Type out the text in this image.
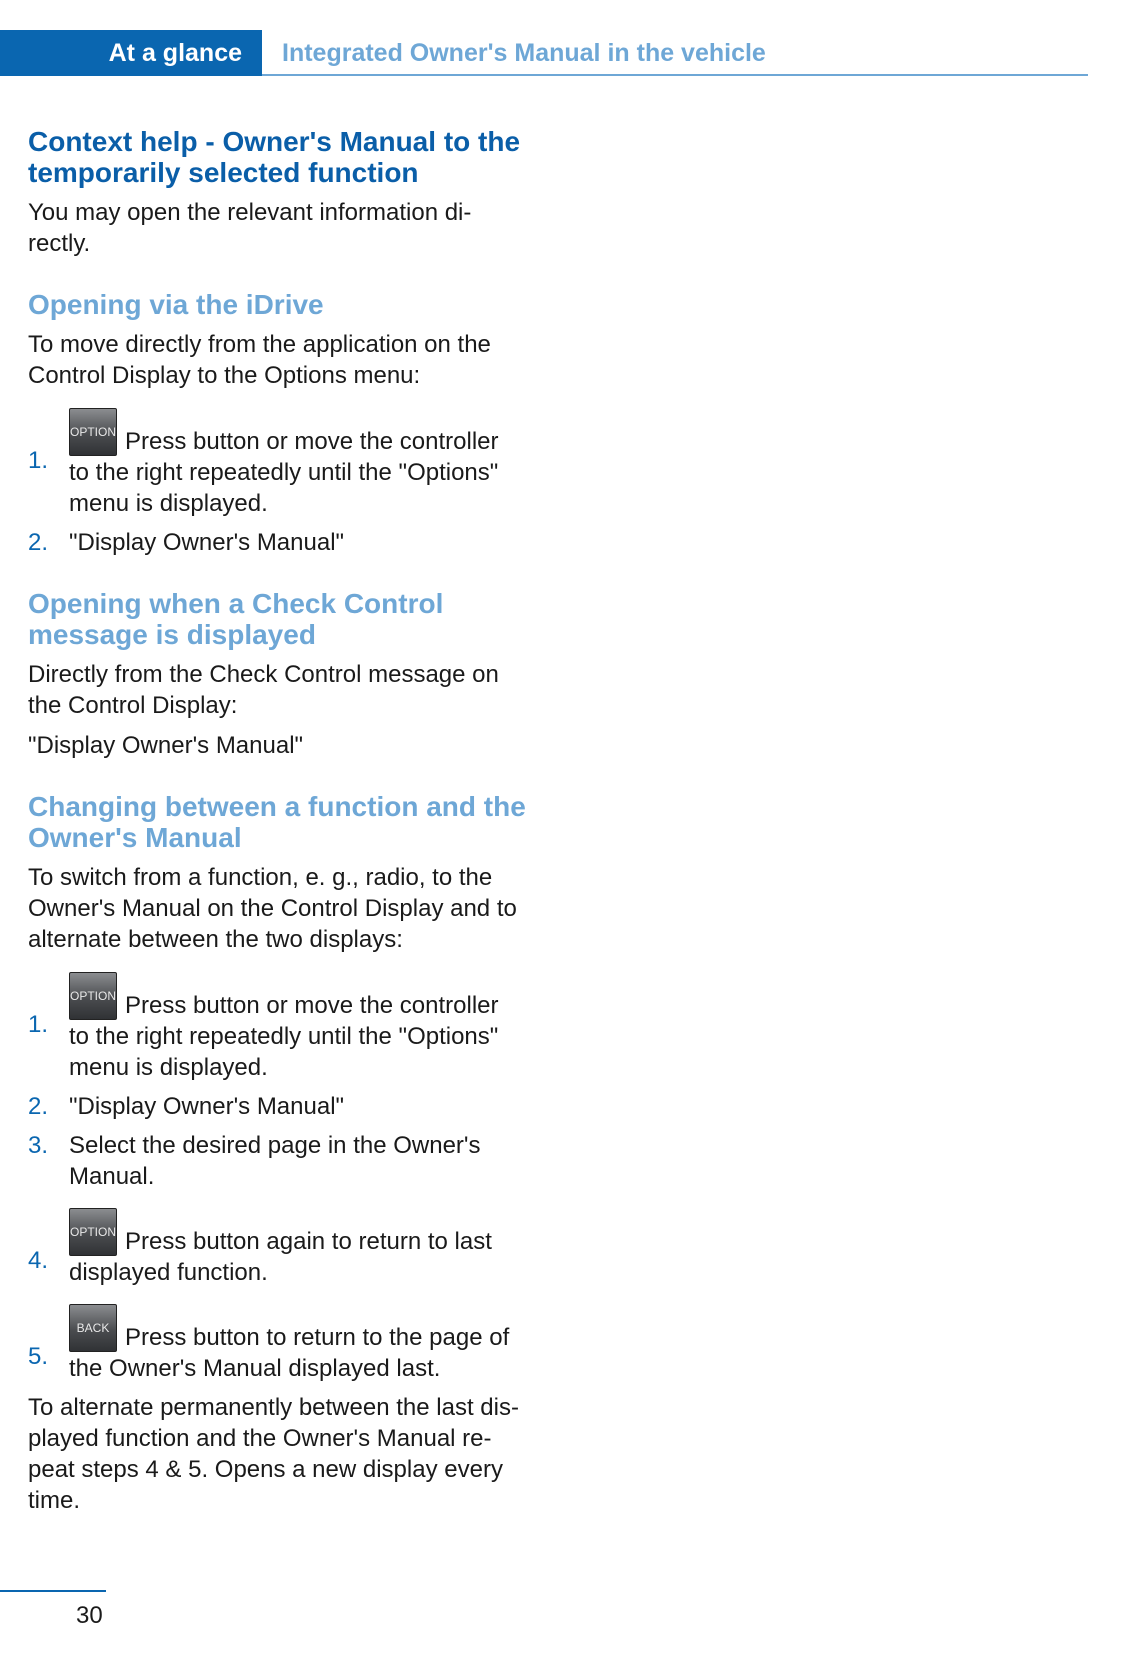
At a glance	Integrated Owner's Manual in the vehicle
Context help - Owner's Manual to the
temporarily selected function

You may open the relevant information di-
rectly.

Opening via the iDrive

To move directly from the application on the
Control Display to the Options menu:

1.
OPTION Press button or move the controller
to the right repeatedly until the "Options"
menu is displayed.
2. "Display Owner's Manual"
Opening when a Check Control
message is displayed

Directly from the Check Control message on
the Control Display:

"Display Owner's Manual"

Changing between a function and the
Owner's Manual

To switch from a function, e. g., radio, to the
Owner's Manual on the Control Display and to
alternate between the two displays:

1.
OPTION Press button or move the controller
to the right repeatedly until the "Options"
menu is displayed.
2. "Display Owner's Manual"
3. Select the desired page in the Owner's
Manual.
4.
OPTION Press button again to return to last
displayed function.
5.
BACK Press button to return to the page of
the Owner's Manual displayed last.

To alternate permanently between the last dis-
played function and the Owner's Manual re-
peat steps 4 & 5. Opens a new display every
time.

30
